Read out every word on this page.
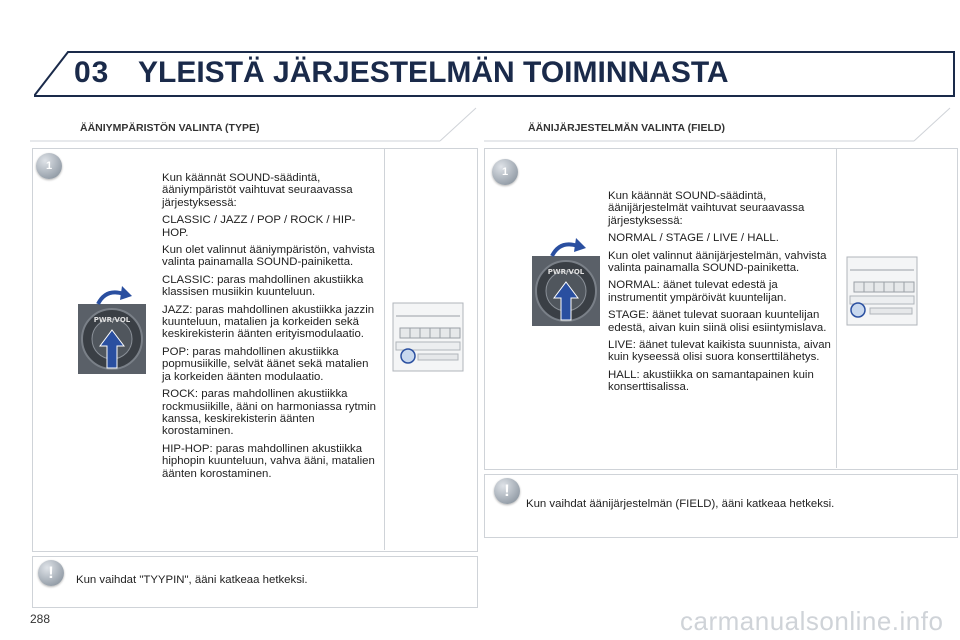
03 YLEISTÄ JÄRJESTELMÄN TOIMINNASTA
ÄÄNIYMPÄRISTÖN VALINTA (TYPE)	ÄÄNIJÄRJESTELMÄN VALINTA (FIELD)
1
PWR/VOL

Kun käännät SOUND-säädintä, ääniympäristöt vaihtuvat seuraavassa järjestyksessä:

CLASSIC / JAZZ / POP / ROCK / HIP-HOP.

Kun olet valinnut ääniympäristön, vahvista valinta painamalla SOUND-painiketta.

CLASSIC: paras mahdollinen akustiikka klassisen musiikin kuunteluun.

JAZZ: paras mahdollinen akustiikka jazzin kuunteluun, matalien ja korkeiden sekä keskirekisterin äänten erityismodulaatio.

POP: paras mahdollinen akustiikka popmusiikille, selvät äänet sekä matalien ja korkeiden äänten modulaatio.

ROCK: paras mahdollinen akustiikka rockmusiikille, ääni on harmoniassa rytmin kanssa, keskirekisterin äänten korostaminen.

HIP-HOP: paras mahdollinen akustiikka hiphopin kuunteluun, vahva ääni, matalien äänten korostaminen.

!	Kun vaihdat "TYYPIN", ääni katkeaa hetkeksi.
1
PWR/VOL

Kun käännät SOUND-säädintä, äänijärjestelmät vaihtuvat seuraavassa järjestyksessä:

NORMAL / STAGE / LIVE / HALL.

Kun olet valinnut äänijärjestelmän, vahvista valinta painamalla SOUND-painiketta.

NORMAL: äänet tulevat edestä ja instrumentit ympäröivät kuuntelijan.

STAGE: äänet tulevat suoraan kuuntelijan edestä, aivan kuin siinä olisi esiintymislava.

LIVE: äänet tulevat kaikista suunnista, aivan kuin kyseessä olisi suora konserttilähetys.

HALL: akustiikka on samantapainen kuin konserttisalissa.

!
Kun vaihdat äänijärjestelmän (FIELD), ääni katkeaa hetkeksi.
288	carmanualsonline.info
